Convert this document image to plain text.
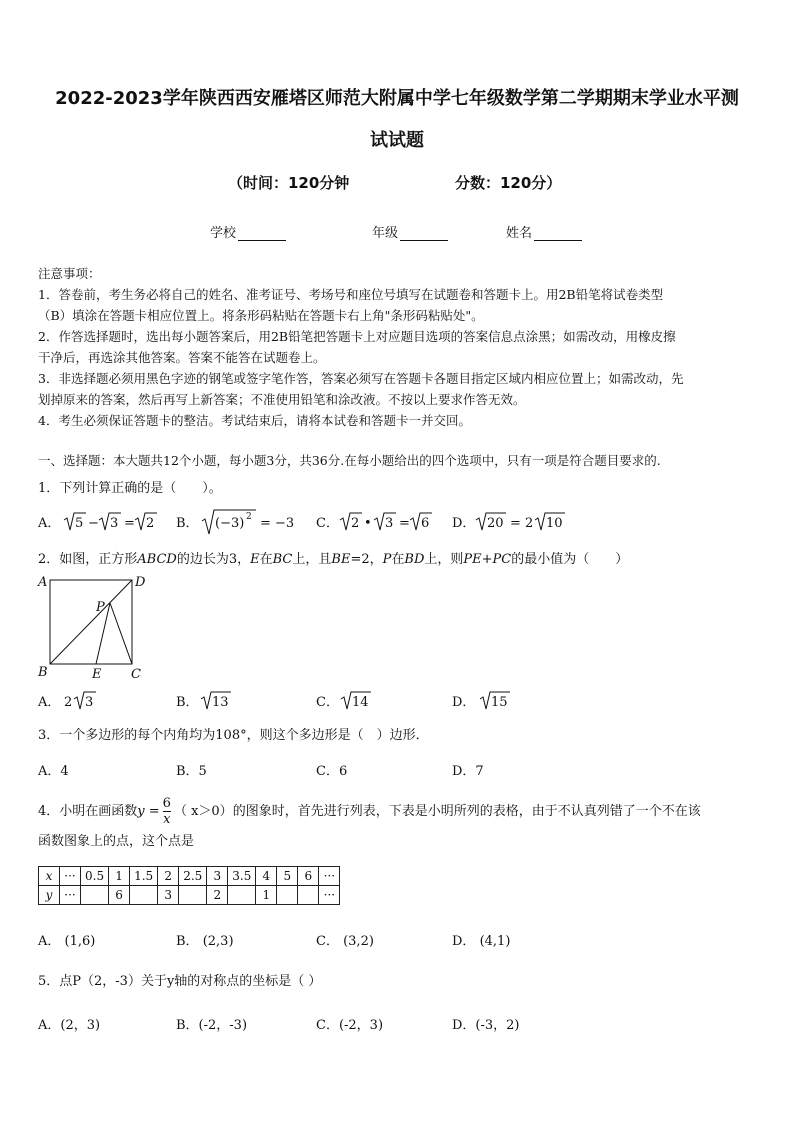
2022-2023学年陕西西安雁塔区师范大附属中学七年级数学第二学期期末学业水平测
试试题
（时间：120分钟	分数：120分）
学校	年级	姓名
注意事项：
1．答卷前，考生务必将自己的姓名、准考证号、考场号和座位号填写在试题卷和答题卡上。用2B铅笔将试卷类型
（B）填涂在答题卡相应位置上。将条形码粘贴在答题卡右上角"条形码粘贴处"。
2．作答选择题时，选出每小题答案后，用2B铅笔把答题卡上对应题目选项的答案信息点涂黑；如需改动，用橡皮擦
干净后，再选涂其他答案。答案不能答在试题卷上。
3．非选择题必须用黑色字迹的钢笔或签字笔作答，答案必须写在答题卡各题目指定区域内相应位置上；如需改动，先
划掉原来的答案，然后再写上新答案；不准使用铅笔和涂改液。不按以上要求作答无效。
4．考生必须保证答题卡的整洁。考试结束后，请将本试卷和答题卡一并交回。
一、选择题：本大题共12个小题，每小题3分，共36分.在每小题给出的四个选项中，只有一项是符合题目要求的.
1．下列计算正确的是（　　）。
A． 5 − 3 = 2 B． (−3) 2 = −3 C． 2 • 3 = 6 D． 20 = 2 10
2．如图，正方形ABCD的边长为3，E在BC上，且BE=2，P在BD上，则PE+PC的最小值为（　　）
A	D
B	C
E
P
A． 2 3	B． 13	C． 14	D． 15
3．一个多边形的每个内角均为108°，则这个多边形是（　）边形．
A．4	B．5	C．6	D．7
4．小明在画函数$y = \frac{6}{x}$ （ x＞0）的图象时，首先进行列表，下表是小明所列的表格，由于不认真列错了一个不在该
函数图象上的点，这个点是
x	···	0.5	1	1.5	2	2.5	3	3.5	4	5	6	···
y	···		6		3		2		1			···
A． (1,6)	B． (2,3)	C． (3,2)	D． (4,1)
5．点P（2，-3）关于y轴的对称点的坐标是（ ）
A．(2，3)	B．(-2，-3)	C．(-2，3)	D．(-3，2)
